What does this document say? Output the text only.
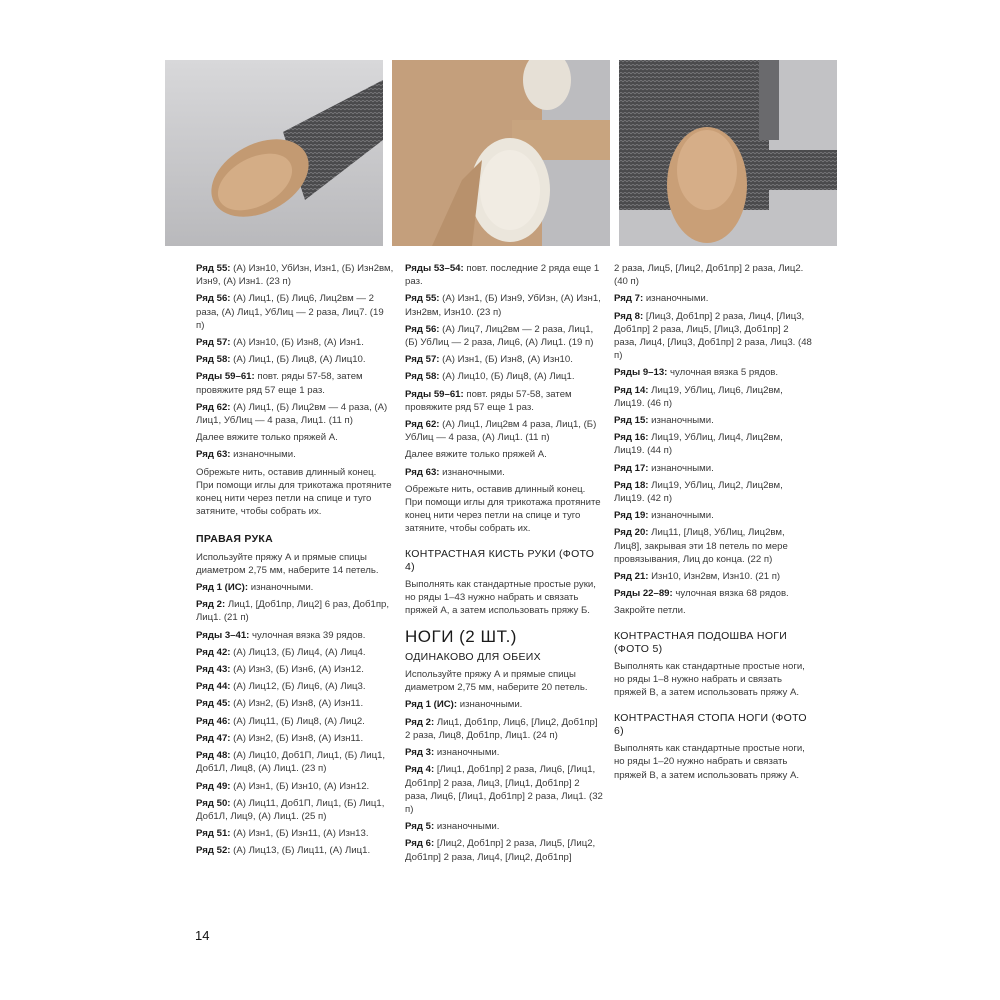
Ряд 55: (А) Изн10, УбИзн, Изн1, (Б) Изн2вм, Изн9, (А) Изн1. (23 п)

Ряд 56: (А) Лиц1, (Б) Лиц6, Лиц2вм — 2 раза, (А) Лиц1, УбЛиц — 2 раза, Лиц7. (19 п)

Ряд 57: (А) Изн10, (Б) Изн8, (А) Изн1.

Ряд 58: (А) Лиц1, (Б) Лиц8, (А) Лиц10.

Ряды 59–61: повт. ряды 57-58, затем провяжите ряд 57 еще 1 раз.

Ряд 62: (А) Лиц1, (Б) Лиц2вм — 4 раза, (А) Лиц1, УбЛиц — 4 раза, Лиц1. (11 п)

Далее вяжите только пряжей А.

Ряд 63: изнаночными.

Обрежьте нить, оставив длинный конец. При помощи иглы для трикотажа протяните конец нити через петли на спице и туго затяните, чтобы собрать их.

ПРАВАЯ РУКА

Используйте пряжу А и прямые спицы диаметром 2,75 мм, наберите 14 петель.

Ряд 1 (ИС): изнаночными.

Ряд 2: Лиц1, [Доб1пр, Лиц2] 6 раз, Доб1пр, Лиц1. (21 п)

Ряды 3–41: чулочная вязка 39 рядов.

Ряд 42: (А) Лиц13, (Б) Лиц4, (А) Лиц4.

Ряд 43: (А) Изн3, (Б) Изн6, (А) Изн12.

Ряд 44: (А) Лиц12, (Б) Лиц6, (А) Лиц3.

Ряд 45: (А) Изн2, (Б) Изн8, (А) Изн11.

Ряд 46: (А) Лиц11, (Б) Лиц8, (А) Лиц2.

Ряд 47: (А) Изн2, (Б) Изн8, (А) Изн11.

Ряд 48: (А) Лиц10, Доб1П, Лиц1, (Б) Лиц1, Доб1Л, Лиц8, (А) Лиц1. (23 п)

Ряд 49: (А) Изн1, (Б) Изн10, (А) Изн12.

Ряд 50: (А) Лиц11, Доб1П, Лиц1, (Б) Лиц1, Доб1Л, Лиц9, (А) Лиц1. (25 п)

Ряд 51: (А) Изн1, (Б) Изн11, (А) Изн13.

Ряд 52: (А) Лиц13, (Б) Лиц11, (А) Лиц1.

Ряды 53–54: повт. последние 2 ряда еще 1 раз.

Ряд 55: (А) Изн1, (Б) Изн9, УбИзн, (А) Изн1, Изн2вм, Изн10. (23 п)

Ряд 56: (А) Лиц7, Лиц2вм — 2 раза, Лиц1, (Б) УбЛиц — 2 раза, Лиц6, (А) Лиц1. (19 п)

Ряд 57: (А) Изн1, (Б) Изн8, (А) Изн10.

Ряд 58: (А) Лиц10, (Б) Лиц8, (А) Лиц1.

Ряды 59–61: повт. ряды 57-58, затем провяжите ряд 57 еще 1 раз.

Ряд 62: (А) Лиц1, Лиц2вм 4 раза, Лиц1, (Б) УбЛиц — 4 раза, (А) Лиц1. (11 п)

Далее вяжите только пряжей А.

Ряд 63: изнаночными.

Обрежьте нить, оставив длинный конец. При помощи иглы для трикотажа протяните конец нити через петли на спице и туго затяните, чтобы собрать их.

КОНТРАСТНАЯ КИСТЬ РУКИ (ФОТО 4)

Выполнять как стандартные простые руки, но ряды 1–43 нужно набрать и связать пряжей А, а затем использовать пряжу Б.

НОГИ (2 ШТ.)
ОДИНАКОВО ДЛЯ ОБЕИХ

Используйте пряжу А и прямые спицы диаметром 2,75 мм, наберите 20 петель.

Ряд 1 (ИС): изнаночными.

Ряд 2: Лиц1, Доб1пр, Лиц6, [Лиц2, Доб1пр] 2 раза, Лиц8, Доб1пр, Лиц1. (24 п)

Ряд 3: изнаночными.

Ряд 4: [Лиц1, Доб1пр] 2 раза, Лиц6, [Лиц1, Доб1пр] 2 раза, Лиц3, [Лиц1, Доб1пр] 2 раза, Лиц6, [Лиц1, Доб1пр] 2 раза, Лиц1. (32 п)

Ряд 5: изнаночными.

Ряд 6: [Лиц2, Доб1пр] 2 раза, Лиц5, [Лиц2, Доб1пр] 2 раза, Лиц4, [Лиц2, Доб1пр]

2 раза, Лиц5, [Лиц2, Доб1пр] 2 раза, Лиц2. (40 п)

Ряд 7: изнаночными.

Ряд 8: [Лиц3, Доб1пр] 2 раза, Лиц4, [Лиц3, Доб1пр] 2 раза, Лиц5, [Лиц3, Доб1пр] 2 раза, Лиц4, [Лиц3, Доб1пр] 2 раза, Лиц3. (48 п)

Ряды 9–13: чулочная вязка 5 рядов.

Ряд 14: Лиц19, УбЛиц, Лиц6, Лиц2вм, Лиц19. (46 п)

Ряд 15: изнаночными.

Ряд 16: Лиц19, УбЛиц, Лиц4, Лиц2вм, Лиц19. (44 п)

Ряд 17: изнаночными.

Ряд 18: Лиц19, УбЛиц, Лиц2, Лиц2вм, Лиц19. (42 п)

Ряд 19: изнаночными.

Ряд 20: Лиц11, [Лиц8, УбЛиц, Лиц2вм, Лиц8], закрывая эти 18 петель по мере провязывания, Лиц до конца. (22 п)

Ряд 21: Изн10, Изн2вм, Изн10. (21 п)

Ряды 22–89: чулочная вязка 68 рядов.

Закройте петли.

КОНТРАСТНАЯ ПОДОШВА НОГИ (ФОТО 5)

Выполнять как стандартные простые ноги, но ряды 1–8 нужно набрать и связать пряжей В, а затем использовать пряжу А.

КОНТРАСТНАЯ СТОПА НОГИ (ФОТО 6)

Выполнять как стандартные простые ноги, но ряды 1–20 нужно набрать и связать пряжей В, а затем использовать пряжу А.

14
